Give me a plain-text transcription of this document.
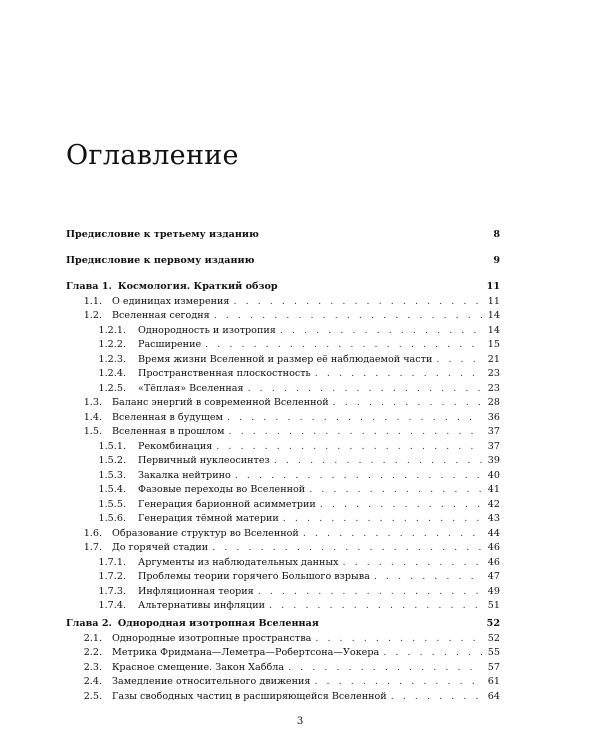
Оглавление
Предисловие к третьему изданию	8
Предисловие к первому изданию	9
Глава 1. Космология. Краткий обзор	11
1.1. О единицах измерения . . .	11
1.2. Вселенная сегодня . . .	14
1.2.1. Однородность и изотропия . . .	14
1.2.2. Расширение . . .	15
1.2.3. Время жизни Вселенной и размер её наблюдаемой части . . .	21
1.2.4. Пространственная плоскостность . . .	23
1.2.5. «Тёплая» Вселенная . . .	23
1.3. Баланс энергий в современной Вселенной . . .	28
1.4. Вселенная в будущем . . .	36
1.5. Вселенная в прошлом . . .	37
1.5.1. Рекомбинация . . .	37
1.5.2. Первичный нуклеосинтез . . .	39
1.5.3. Закалка нейтрино . . .	40
1.5.4. Фазовые переходы во Вселенной . . .	41
1.5.5. Генерация барионной асимметрии . . .	42
1.5.6. Генерация тёмной материи . . .	43
1.6. Образование структур во Вселенной . . .	44
1.7. До горячей стадии . . .	46
1.7.1. Аргументы из наблюдательных данных . . .	46
1.7.2. Проблемы теории горячего Большого взрыва . . .	47
1.7.3. Инфляционная теория . . .	49
1.7.4. Альтернативы инфляции . . .	51
Глава 2. Однородная изотропная Вселенная	52
2.1. Однородные изотропные пространства . . .	52
2.2. Метрика Фридмана—Леметра—Робертсона—Уокера . . .	55
2.3. Красное смещение. Закон Хаббла . . .	57
2.4. Замедление относительного движения . . .	61
2.5. Газы свободных частиц в расширяющейся Вселенной . . .	64
3
